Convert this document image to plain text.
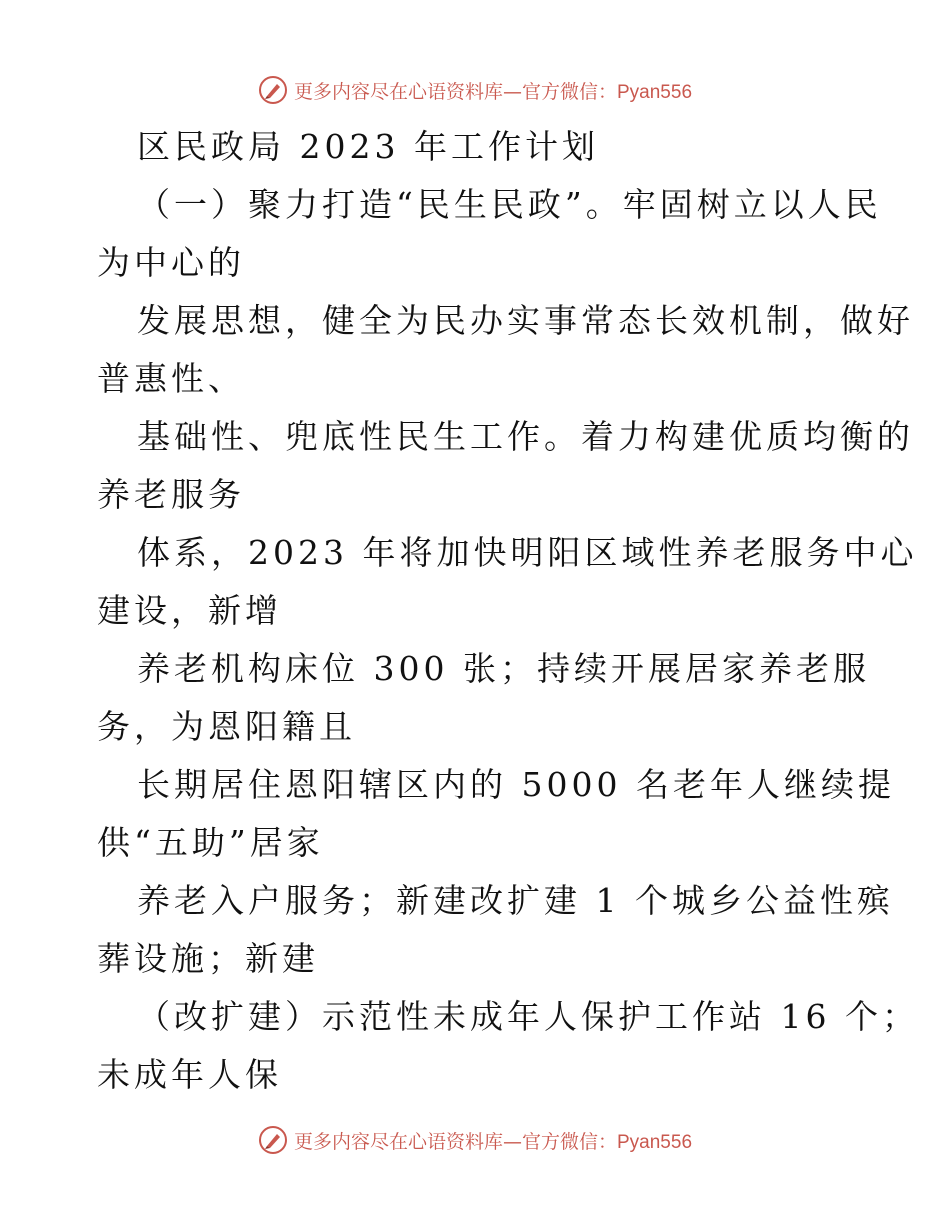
更多内容尽在心语资料库—官方微信：Pyan556
区民政局 2023 年工作计划
（一）聚力打造“民生民政”。牢固树立以人民
为中心的
发展思想，健全为民办实事常态长效机制，做好
普惠性、
基础性、兜底性民生工作。着力构建优质均衡的
养老服务
体系，2023 年将加快明阳区域性养老服务中心
建设，新增
养老机构床位 300 张；持续开展居家养老服
务，为恩阳籍且
长期居住恩阳辖区内的 5000 名老年人继续提
供“五助”居家
养老入户服务；新建改扩建 1 个城乡公益性殡
葬设施；新建
（改扩建）示范性未成年人保护工作站 16 个；
未成年人保
更多内容尽在心语资料库—官方微信：Pyan556
